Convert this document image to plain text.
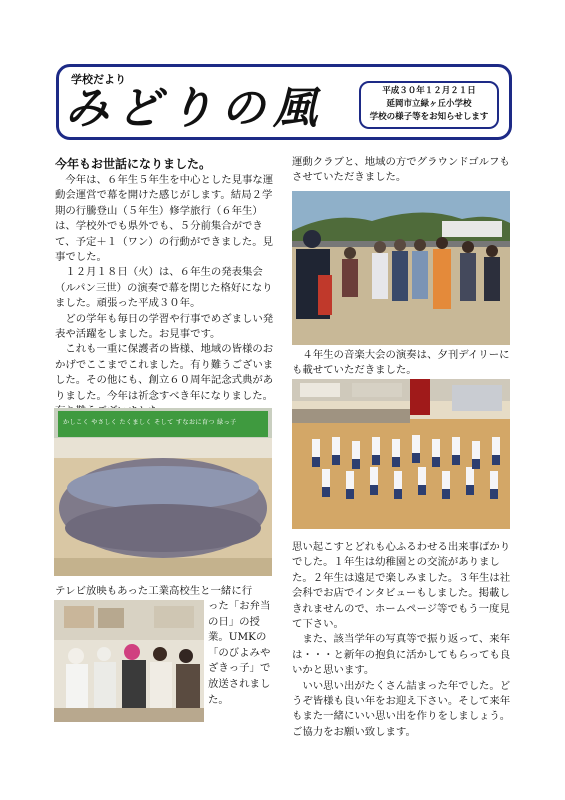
学校だより
みどりの風	平成３０年１２月２１日
延岡市立緑ヶ丘小学校
学校の様子等をお知らせします
今年もお世話になりました。

今年は、６年生５年生を中心とした見事な運動会運営で幕を開けた感じがします。結局２学期の行騰登山（５年生）修学旅行（６年生）は、学校外でも県外でも、５分前集合ができて、予定＋１（ワン）の行動ができました。見事でした。

１２月１８日（火）は、６年生の発表集会（ルパン三世）の演奏で幕を閉じた格好になりました。頑張った平成３０年。

どの学年も毎日の学習や行事でめざましい発表や活躍をしました。お見事です。

これも一重に保護者の皆様、地域の皆様のおかげでここまでこれました。有り難うございました。その他にも、創立６０周年記念式典がありました。今年は祈念すべき年になりました。

かしこく やさしく たくましく そして すなおに育つ 緑っ子

テレビ放映もあった工業高校生と一緒に行

った「お弁当の日」の授業。UMKの「のびよみやざきっ子」で放送されました。

運動クラブと、地域の方でグラウンドゴルフもさせていただきました。

４年生の音楽大会の演奏は、夕刊デイリーにも載せていただきました。

思い起こすとどれも心ふるわせる出来事ばかりでした。１年生は幼稚園との交流がありました。２年生は遠足で楽しみました。３年生は社会科でお店でインタビューもしました。掲載しきれませんので、ホームページ等でもう一度見て下さい。

また、該当学年の写真等で振り返って、来年は・・・と新年の抱負に活かしてもらっても良いかと思います。

いい思い出がたくさん詰まった年でした。どうぞ皆様も良い年をお迎え下さい。そして来年もまた一緒にいい思い出を作りをしましょう。ご協力をお願い致します。
